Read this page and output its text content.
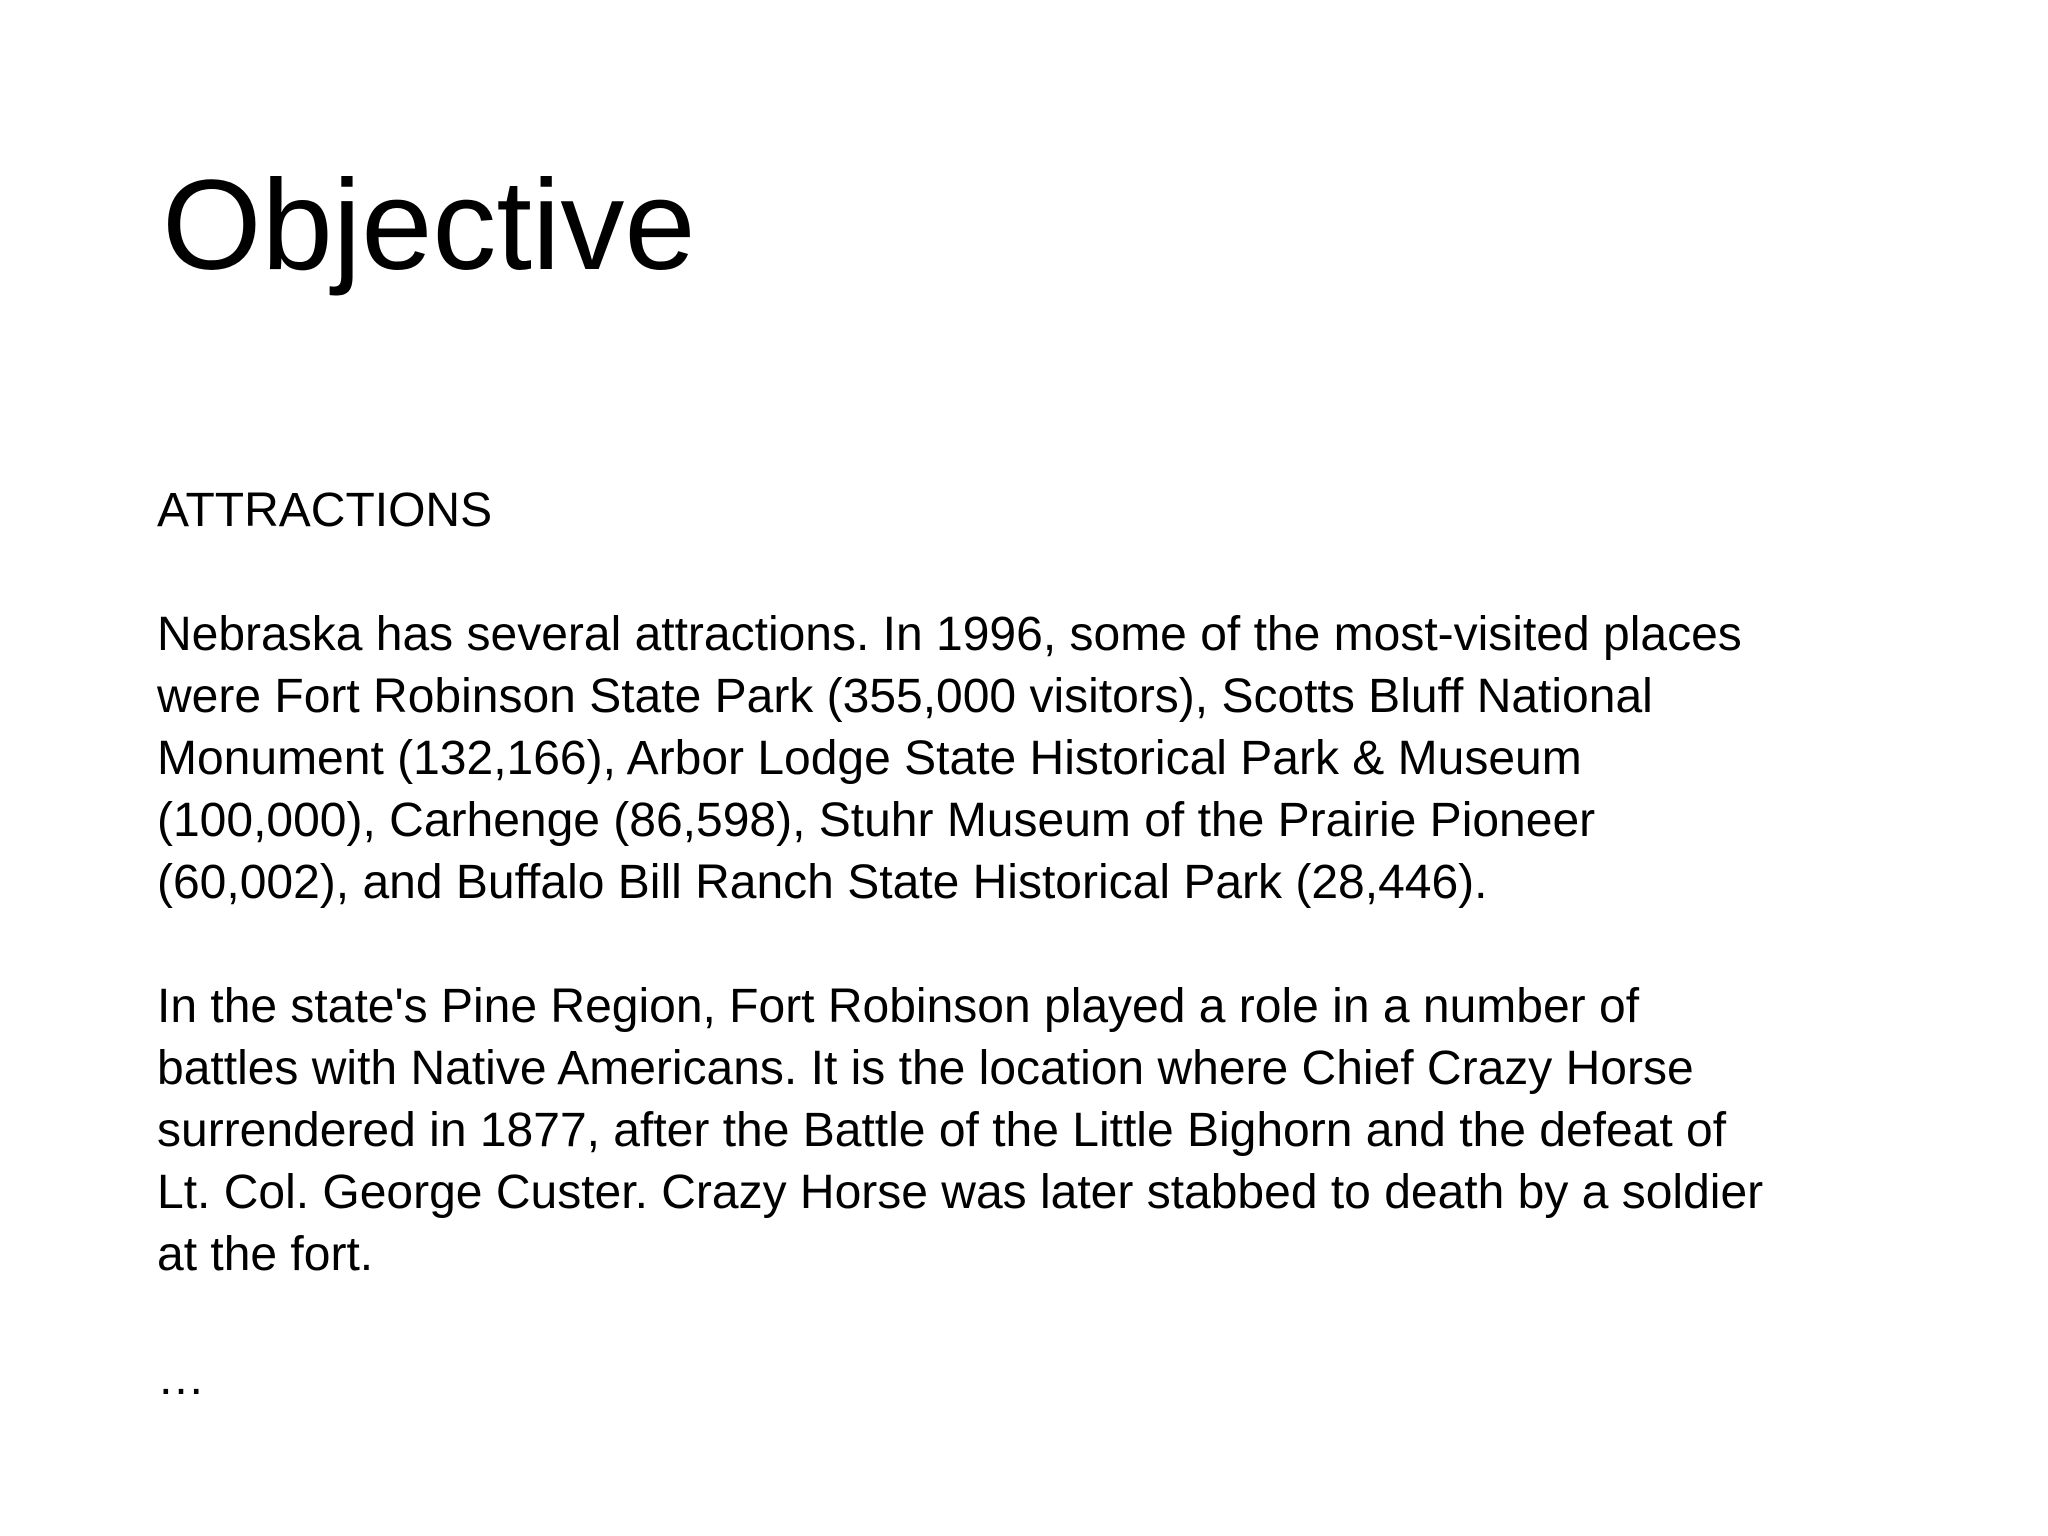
Objective
ATTRACTIONS
Nebraska has several attractions. In 1996, some of the most-visited places
were Fort Robinson State Park (355,000 visitors), Scotts Bluff National
Monument (132,166), Arbor Lodge State Historical Park & Museum
(100,000), Carhenge (86,598), Stuhr Museum of the Prairie Pioneer
(60,002), and Buffalo Bill Ranch State Historical Park (28,446).
In the state's Pine Region, Fort Robinson played a role in a number of
battles with Native Americans. It is the location where Chief Crazy Horse
surrendered in 1877, after the Battle of the Little Bighorn and the defeat of
Lt. Col. George Custer. Crazy Horse was later stabbed to death by a soldier
at the fort.
…
